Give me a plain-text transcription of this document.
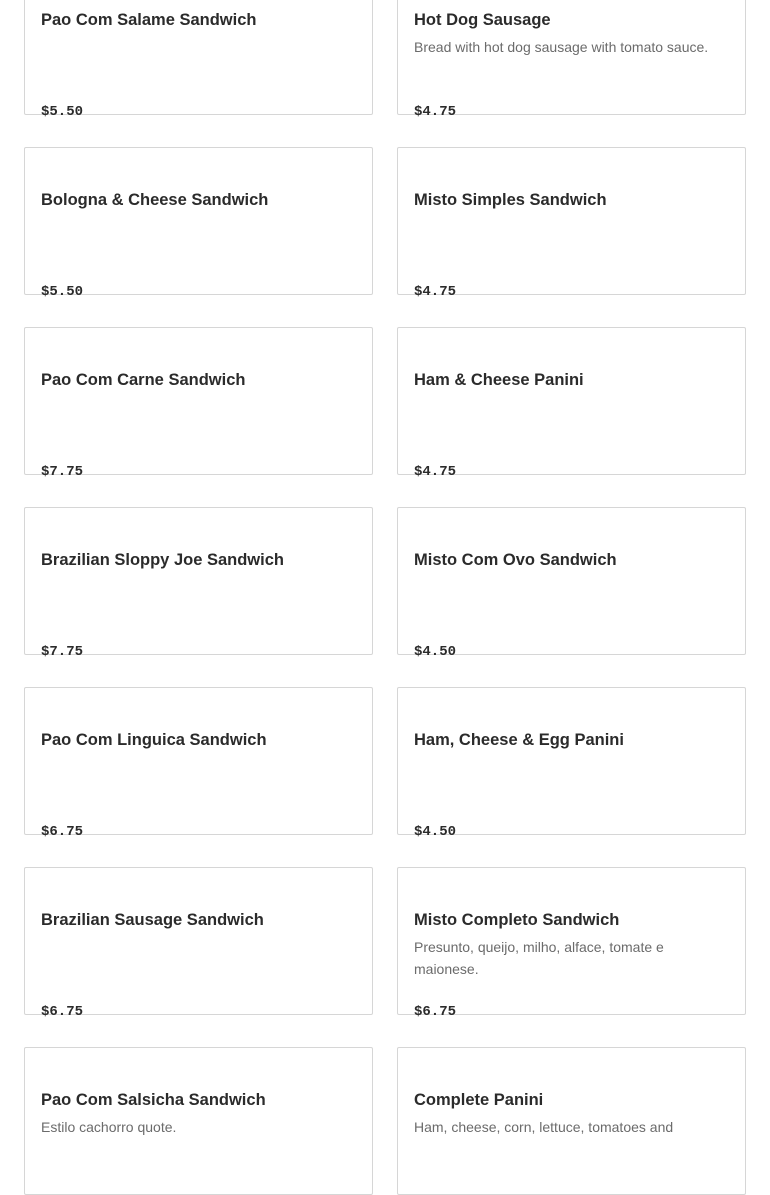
Pao Com Salame Sandwich
$5.50
Hot Dog Sausage
Bread with hot dog sausage with tomato sauce.
$4.75
Bologna & Cheese Sandwich
$5.50
Misto Simples Sandwich
$4.75
Pao Com Carne Sandwich
$7.75
Ham & Cheese Panini
$4.75
Brazilian Sloppy Joe Sandwich
$7.75
Misto Com Ovo Sandwich
$4.50
Pao Com Linguica Sandwich
$6.75
Ham, Cheese & Egg Panini
$4.50
Brazilian Sausage Sandwich
$6.75
Misto Completo Sandwich
Presunto, queijo, milho, alface, tomate e maionese.
$6.75
Pao Com Salsicha Sandwich
Estilo cachorro quote.
Complete Panini
Ham, cheese, corn, lettuce, tomatoes and
